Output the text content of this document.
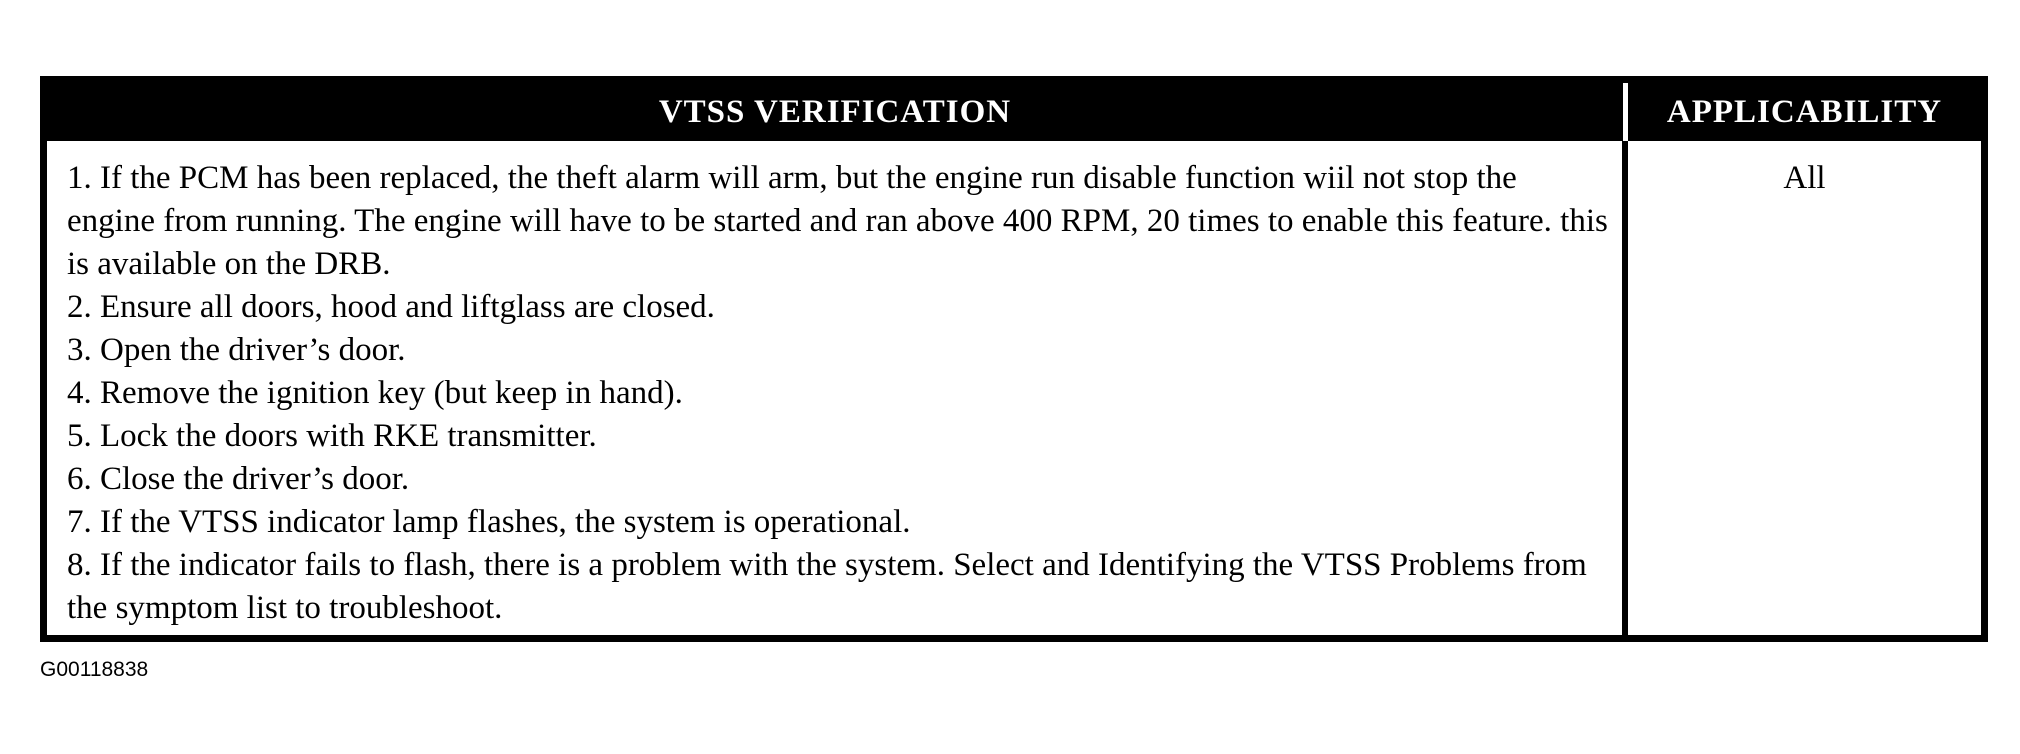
VTSS VERIFICATION	APPLICABILITY
1. If the PCM has been replaced, the theft alarm will arm, but the engine run disable function wiil not stop the engine from running. The engine will have to be started and ran above 400 RPM, 20 times to enable this feature. this is available on the DRB.
2. Ensure all doors, hood and liftglass are closed.
3. Open the driver’s door.
4. Remove the ignition key (but keep in hand).
5. Lock the doors with RKE transmitter.
6. Close the driver’s door.
7. If the VTSS indicator lamp flashes, the system is operational.
8. If the indicator fails to flash, there is a problem with the system. Select and Identifying the VTSS Problems from the symptom list to troubleshoot.
All
G00118838
